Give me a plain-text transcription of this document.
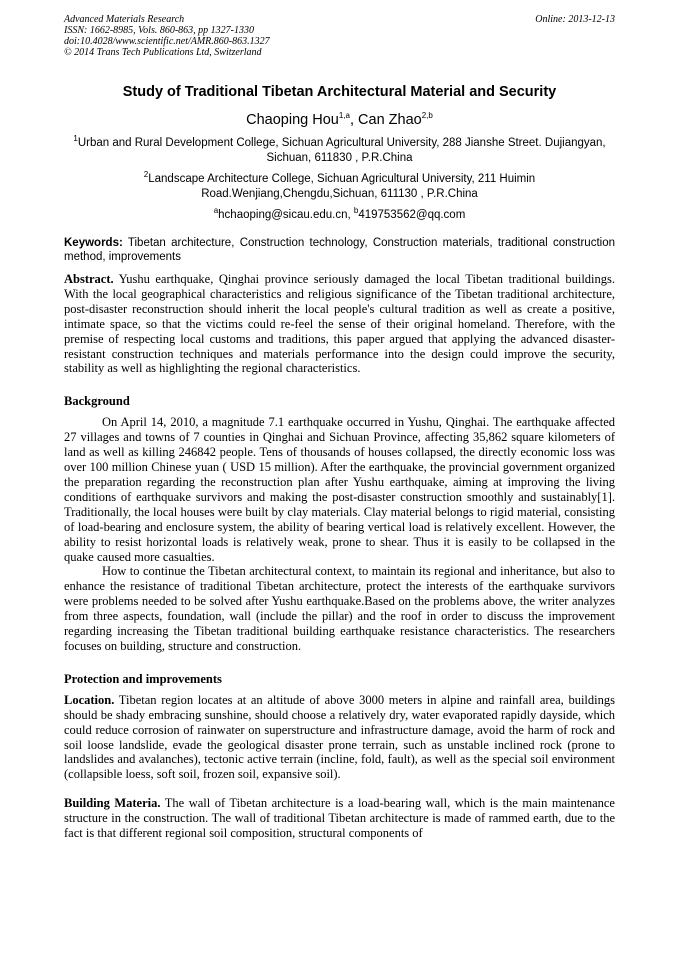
Advanced Materials Research
ISSN: 1662-8985, Vols. 860-863, pp 1327-1330
doi:10.4028/www.scientific.net/AMR.860-863.1327
© 2014 Trans Tech Publications Ltd, Switzerland
Online: 2013-12-13
Study of Traditional Tibetan Architectural Material and Security
Chaoping Hou$^{1,a}$, Can Zhao$^{2,b}$
$^1$Urban and Rural Development College, Sichuan Agricultural University, 288 Jianshe Street. Dujiangyan, Sichuan, 611830 , P.R.China
$^2$Landscape Architecture College, Sichuan Agricultural University, 211 Huimin Road.Wenjiang,Chengdu,Sichuan, 611130 , P.R.China
$^a$hchaoping@sicau.edu.cn, $^b$419753562@qq.com
Keywords: Tibetan architecture, Construction technology, Construction materials, traditional construction method, improvements

Abstract. Yushu earthquake, Qinghai province seriously damaged the local Tibetan traditional buildings. With the local geographical characteristics and religious significance of the Tibetan traditional architecture, post-disaster reconstruction should inherit the local people's cultural tradition as well as create a positive, intimate space, so that the victims could re-feel the sense of their original homeland. Therefore, with the premise of respecting local customs and traditions, this paper argued that applying the advanced disaster-resistant construction techniques and materials performance into the design could improve the security, stability as well as highlighting the regional characteristics.

Background

On April 14, 2010, a magnitude 7.1 earthquake occurred in Yushu, Qinghai. The earthquake affected 27 villages and towns of 7 counties in Qinghai and Sichuan Province, affecting 35,862 square kilometers of land as well as killing 246842 people. Tens of thousands of houses collapsed, the directly economic loss was over 100 million Chinese yuan ( USD 15 million). After the earthquake, the provincial government organized the preparation regarding the reconstruction plan after Yushu earthquake, aiming at improving the living conditions of earthquake survivors and making the post-disaster construction smoothly and sustainably[1]. Traditionally, the local houses were built by clay materials. Clay material belongs to rigid material, consisting of load-bearing and enclosure system, the ability of bearing vertical load is relatively excellent. However, the ability to resist horizontal loads is relatively weak, prone to shear. Thus it is easily to be collapsed in the quake caused more casualties.

How to continue the Tibetan architectural context, to maintain its regional and inheritance, but also to enhance the resistance of traditional Tibetan architecture, protect the interests of the earthquake survivors were problems needed to be solved after Yushu earthquake.Based on the problems above, the writer analyzes from three aspects, foundation, wall (include the pillar) and the roof in order to discuss the improvement regarding increasing the Tibetan traditional building earthquake resistance characteristics. The researchers focuses on building, structure and construction.

Protection and improvements

Location. Tibetan region locates at an altitude of above 3000 meters in alpine and rainfall area, buildings should be shady embracing sunshine, should choose a relatively dry, water evaporated rapidly dayside, which could reduce corrosion of rainwater on superstructure and infrastructure damage, avoid the harm of rock and soil loose landslide, evade the geological disaster prone terrain, such as unstable inclined rock (prone to landslides and avalanches), tectonic active terrain (incline, fold, fault), as well as the special soil environment (collapsible loess, soft soil, frozen soil, expansive soil).

Building Materia. The wall of Tibetan architecture is a load-bearing wall, which is the main maintenance structure in the construction. The wall of traditional Tibetan architecture is made of rammed earth, due to the fact is that different regional soil composition, structural components of
